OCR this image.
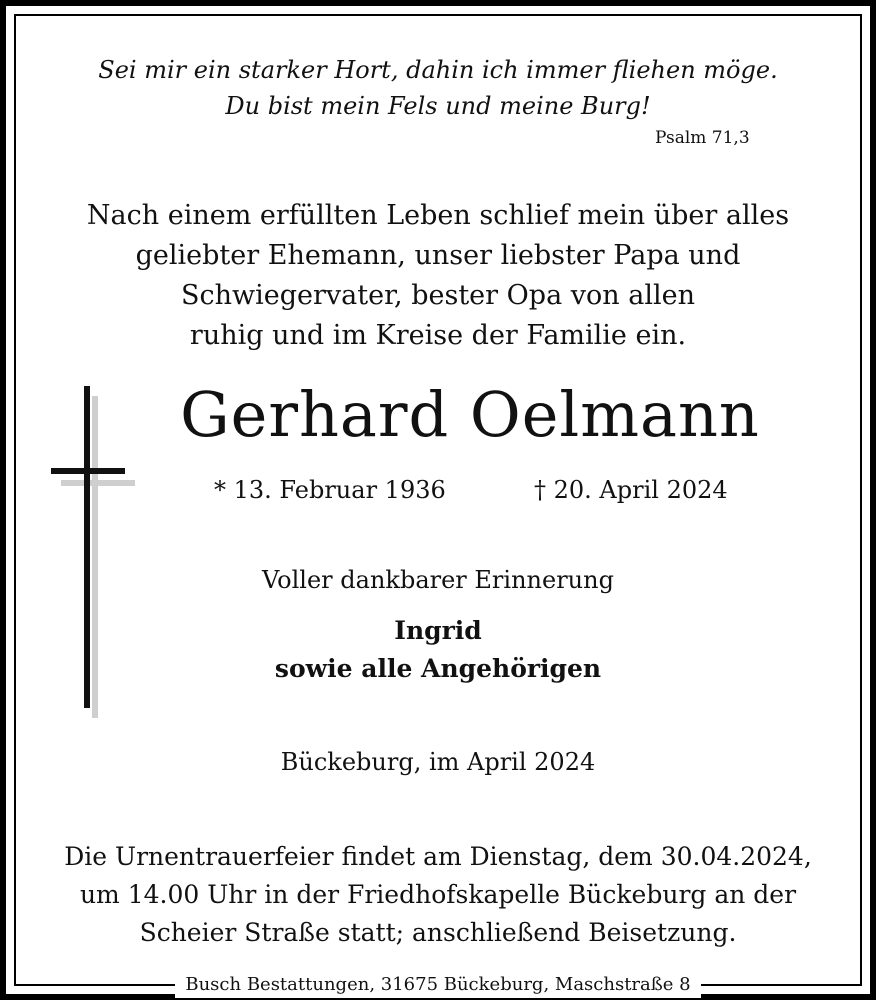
Sei mir ein starker Hort, dahin ich immer fliehen möge.
Du bist mein Fels und meine Burg!
Psalm 71,3
Nach einem erfüllten Leben schlief mein über alles
geliebter Ehemann, unser liebster Papa und
Schwiegervater, bester Opa von allen
ruhig und im Kreise der Familie ein.
Gerhard Oelmann
* 13. Februar 1936	† 20. April 2024
Voller dankbarer Erinnerung
Ingrid
sowie alle Angehörigen
Bückeburg, im April 2024
Die Urnentrauerfeier findet am Dienstag, dem 30.04.2024,
um 14.00 Uhr in der Friedhofskapelle Bückeburg an der
Scheier Straße statt; anschließend Beisetzung.
Busch Bestattungen, 31675 Bückeburg, Maschstraße 8
